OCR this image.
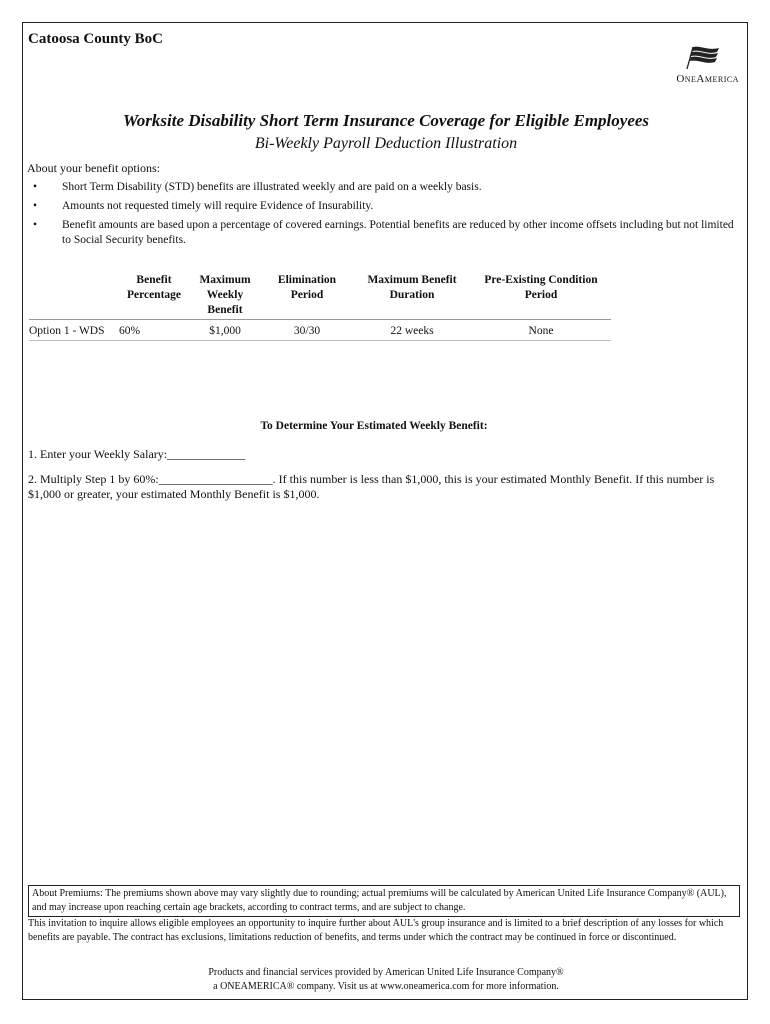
Catoosa County BoC
OneAmerica
Worksite Disability Short Term Insurance Coverage for Eligible Employees
Bi-Weekly Payroll Deduction Illustration
About your benefit options:
• Short Term Disability (STD) benefits are illustrated weekly and are paid on a weekly basis.
• Amounts not requested timely will require Evidence of Insurability.
• Benefit amounts are based upon a percentage of covered earnings. Potential benefits are reduced by other income offsets including but not limited to Social Security benefits.
	Benefit Percentage	Maximum Weekly Benefit	Elimination Period	Maximum Benefit Duration	Pre-Existing Condition Period
Option 1 - WDS	60%	$1,000	30/30	22 weeks	None
To Determine Your Estimated Weekly Benefit:
1. Enter your Weekly Salary:_____________
2. Multiply Step 1 by 60%:___________________. If this number is less than $1,000, this is your estimated Monthly Benefit. If this number is $1,000 or greater, your estimated Monthly Benefit is $1,000.
About Premiums: The premiums shown above may vary slightly due to rounding; actual premiums will be calculated by American United Life Insurance Company® (AUL), and may increase upon reaching certain age brackets, according to contract terms, and are subject to change.
This invitation to inquire allows eligible employees an opportunity to inquire further about AUL's group insurance and is limited to a brief description of any losses for which benefits are payable. The contract has exclusions, limitations reduction of benefits, and terms under which the contract may be continued in force or discontinued.
Products and financial services provided by American United Life Insurance Company®
a ONEAMERICA® company. Visit us at www.oneamerica.com for more information.
